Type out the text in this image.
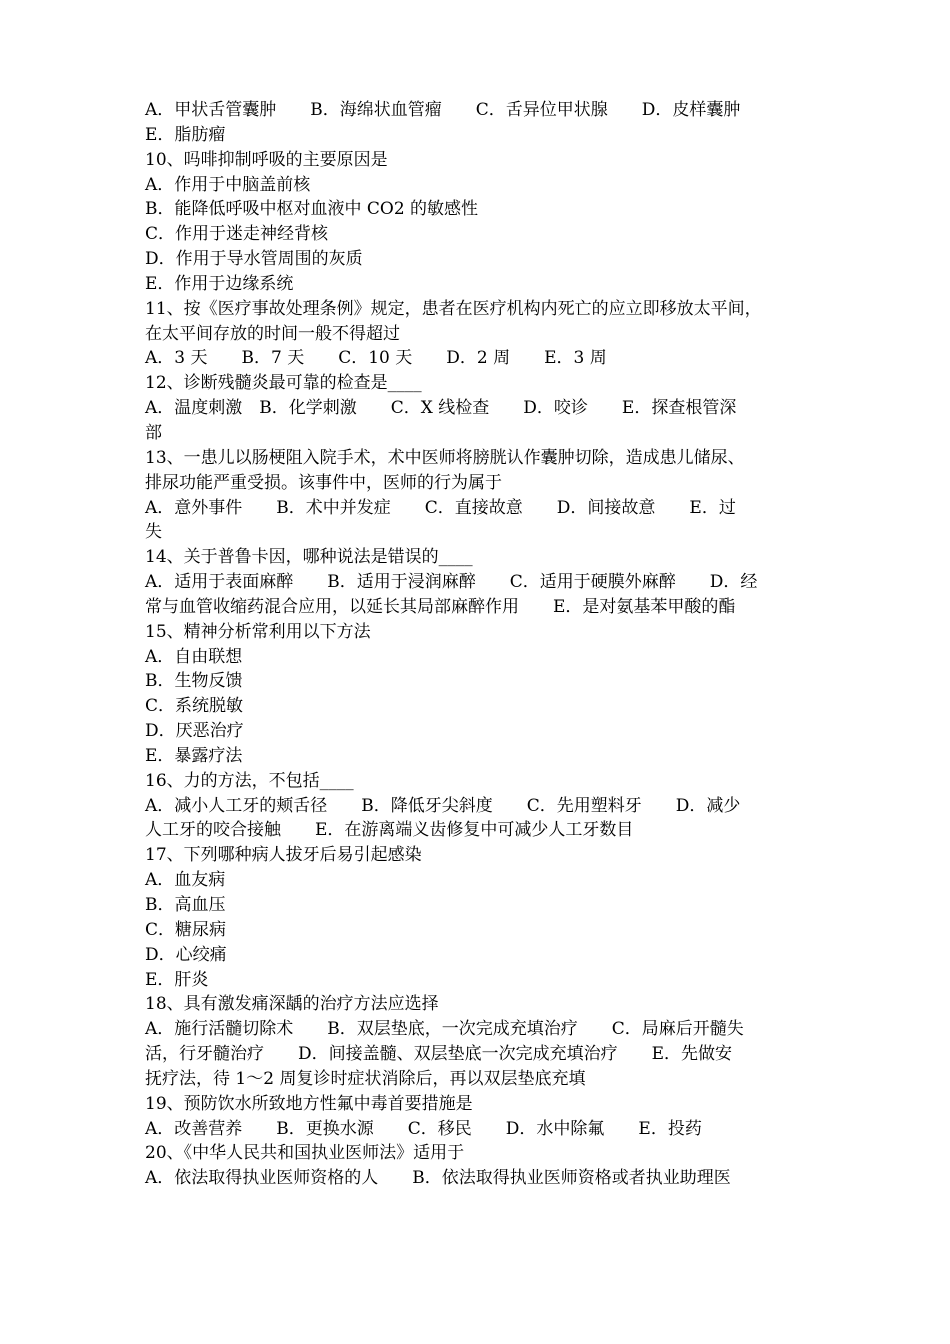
A．甲状舌管囊肿　　B．海绵状血管瘤　　C．舌异位甲状腺　　D．皮样囊肿
E．脂肪瘤
10、吗啡抑制呼吸的主要原因是
A．作用于中脑盖前核
B．能降低呼吸中枢对血液中 CO2 的敏感性
C．作用于迷走神经背核
D．作用于导水管周围的灰质
E．作用于边缘系统
11、按《医疗事故处理条例》规定，患者在医疗机构内死亡的应立即移放太平间，
在太平间存放的时间一般不得超过
A．3 天　　B．7 天　　C．10 天　　D．2 周　　E．3 周
12、诊断残髓炎最可靠的检查是____
A．温度刺激　B．化学刺激　　C．X 线检查　　D．咬诊　　E．探查根管深
部
13、一患儿以肠梗阻入院手术，术中医师将膀胱认作囊肿切除，造成患儿储尿、
排尿功能严重受损。该事件中，医师的行为属于
A．意外事件　　B．术中并发症　　C．直接故意　　D．间接故意　　E．过
失
14、关于普鲁卡因，哪种说法是错误的____
A．适用于表面麻醉　　B．适用于浸润麻醉　　C．适用于硬膜外麻醉　　D．经
常与血管收缩药混合应用，以延长其局部麻醉作用　　E．是对氨基苯甲酸的酯
15、精神分析常利用以下方法
A．自由联想
B．生物反馈
C．系统脱敏
D．厌恶治疗
E．暴露疗法
16、力的方法，不包括____
A．减小人工牙的颊舌径　　B．降低牙尖斜度　　C．先用塑料牙　　D．减少
人工牙的咬合接触　　E．在游离端义齿修复中可减少人工牙数目
17、下列哪种病人拔牙后易引起感染
A．血友病
B．高血压
C．糖尿病
D．心绞痛
E．肝炎
18、具有激发痛深龋的治疗方法应选择
A．施行活髓切除术　　B．双层垫底，一次完成充填治疗　　C．局麻后开髓失
活，行牙髓治疗　　D．间接盖髓、双层垫底一次完成充填治疗　　E．先做安
抚疗法，待 1～2 周复诊时症状消除后，再以双层垫底充填
19、预防饮水所致地方性氟中毒首要措施是
A．改善营养　　B．更换水源　　C．移民　　D．水中除氟　　E．投药
20、《中华人民共和国执业医师法》适用于
A．依法取得执业医师资格的人　　B．依法取得执业医师资格或者执业助理医
